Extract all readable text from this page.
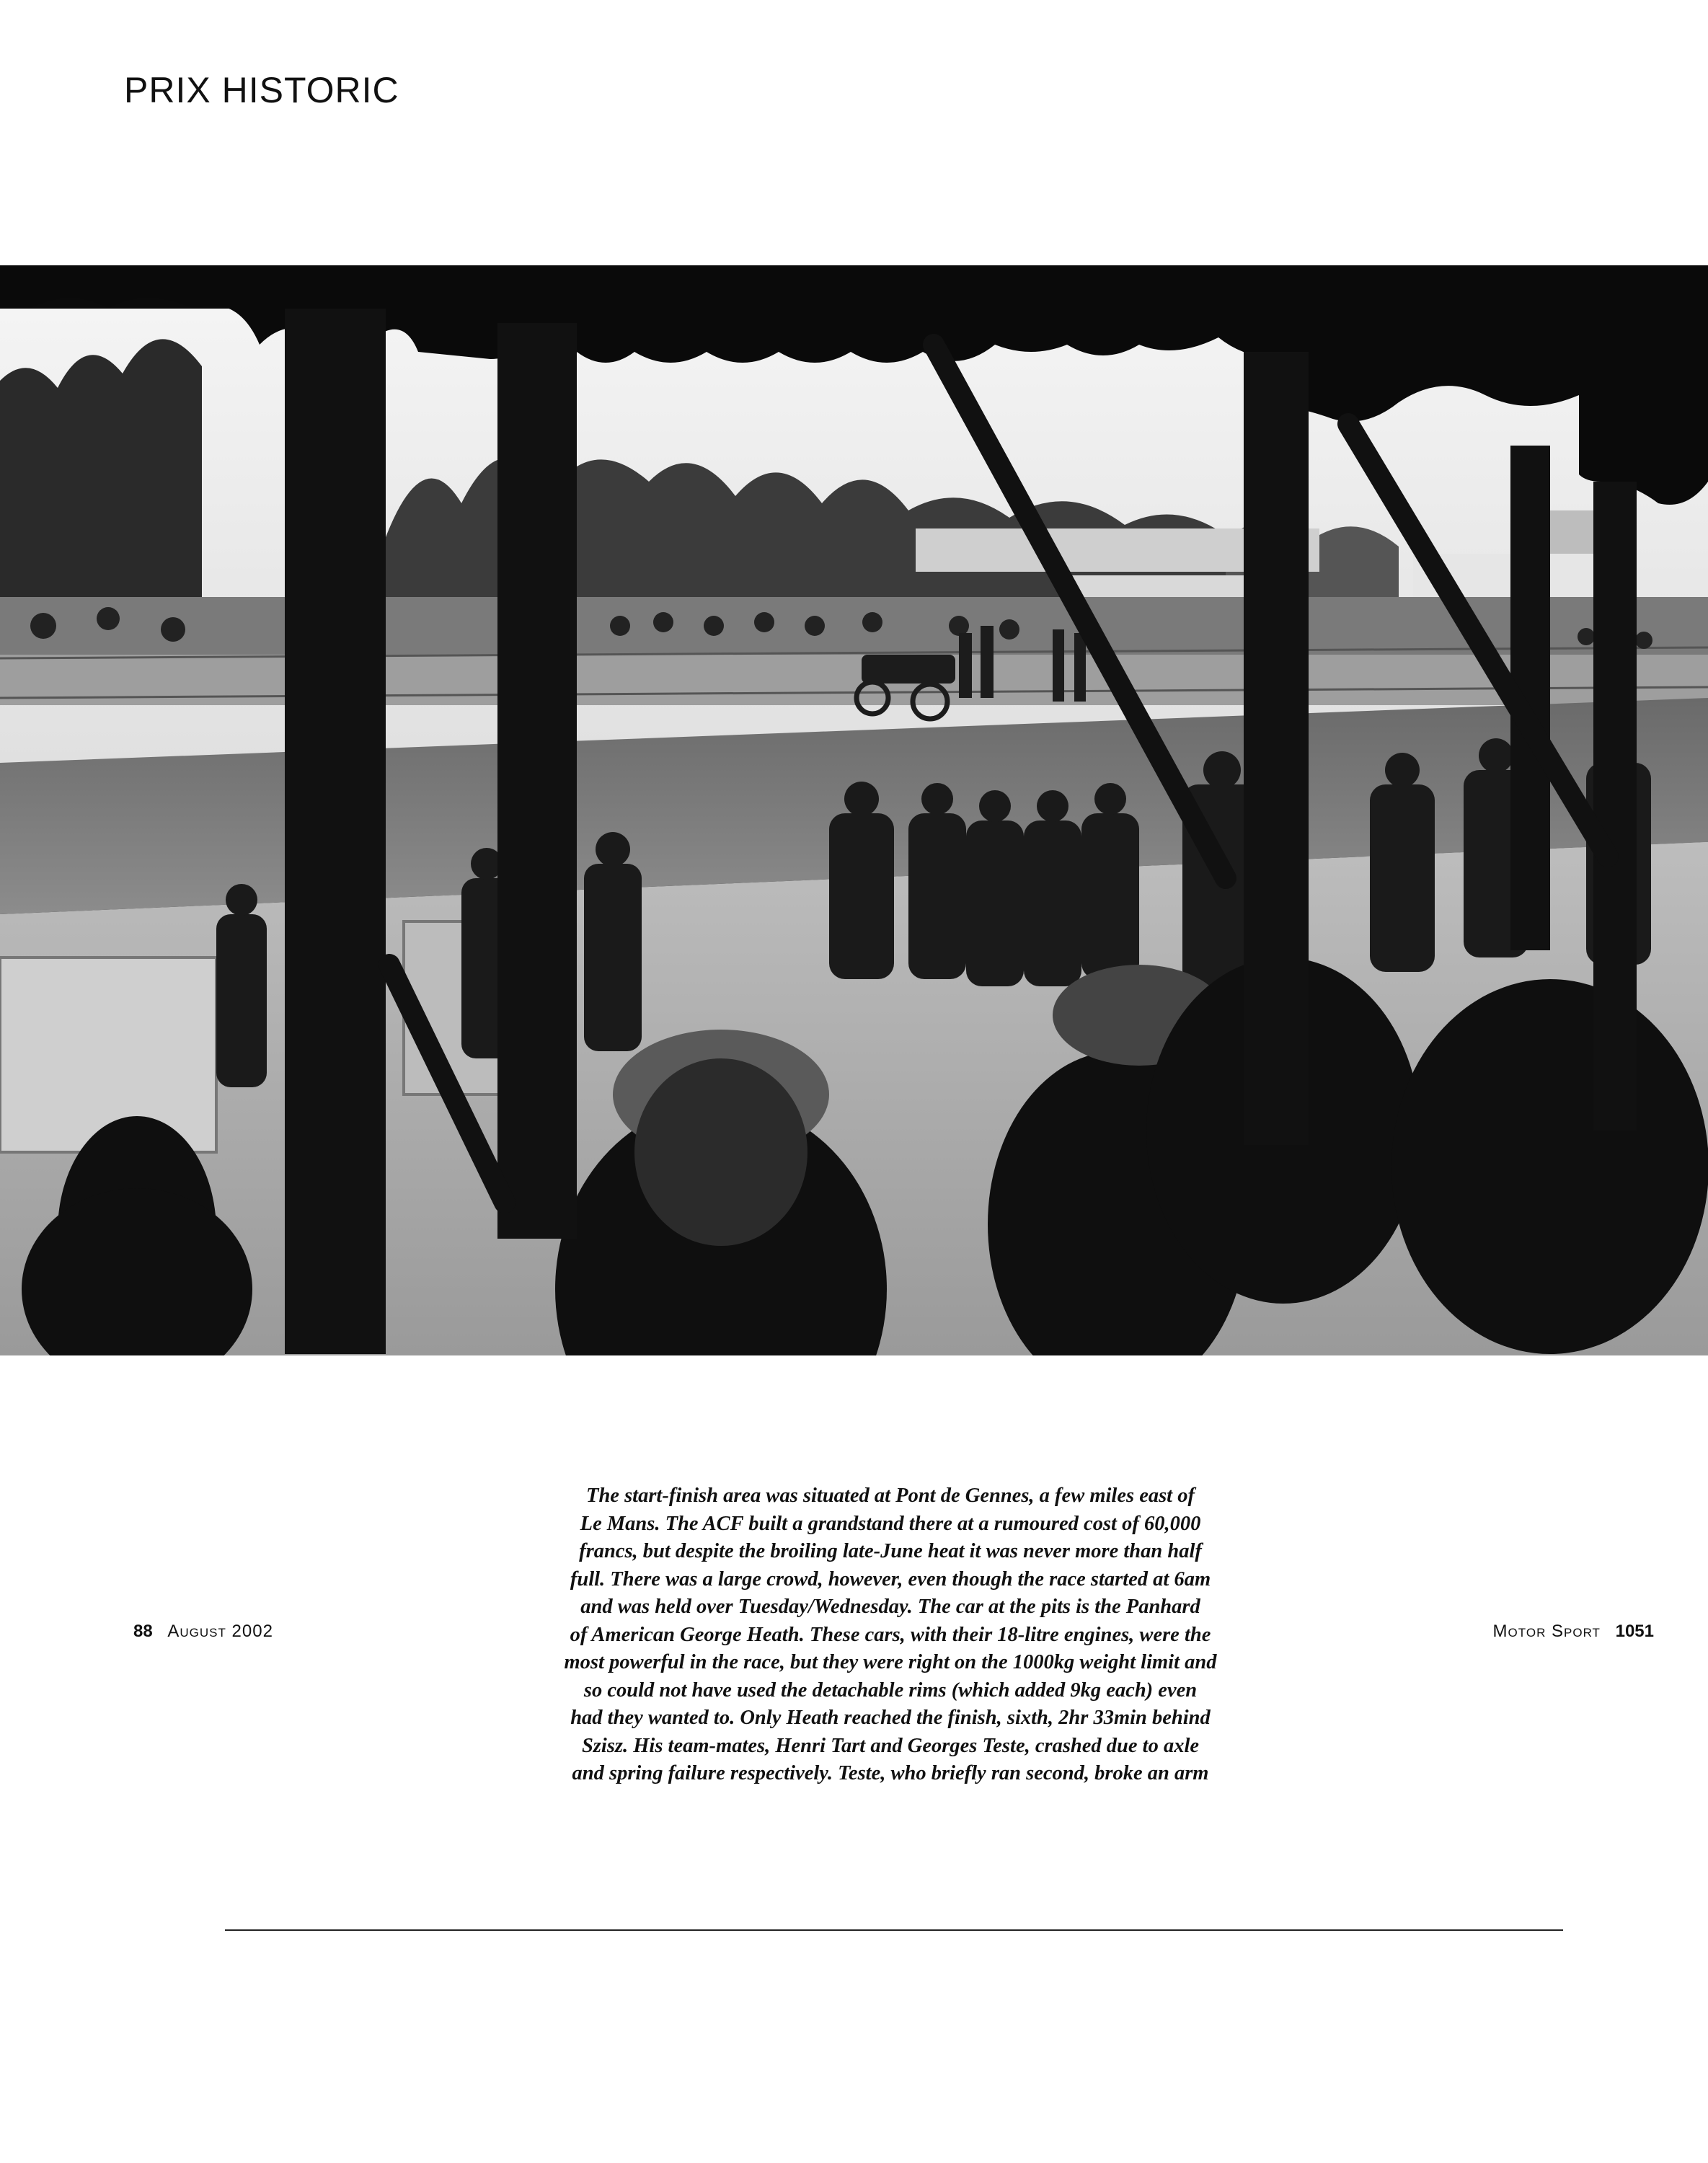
PRIX HISTORIC
The start-finish area was situated at Pont de Gennes, a few miles east of
Le Mans. The ACF built a grandstand there at a rumoured cost of 60,000
francs, but despite the broiling late-June heat it was never more than half
full. There was a large crowd, however, even though the race started at 6am
and was held over Tuesday/Wednesday. The car at the pits is the Panhard
of American George Heath. These cars, with their 18-litre engines, were the
most powerful in the race, but they were right on the 1000kg weight limit and
so could not have used the detachable rims (which added 9kg each) even
had they wanted to. Only Heath reached the finish, sixth, 2hr 33min behind
Szisz. His team-mates, Henri Tart and Georges Teste, crashed due to axle
and spring failure respectively. Teste, who briefly ran second, broke an arm
88 August 2002	Motor Sport 1051
